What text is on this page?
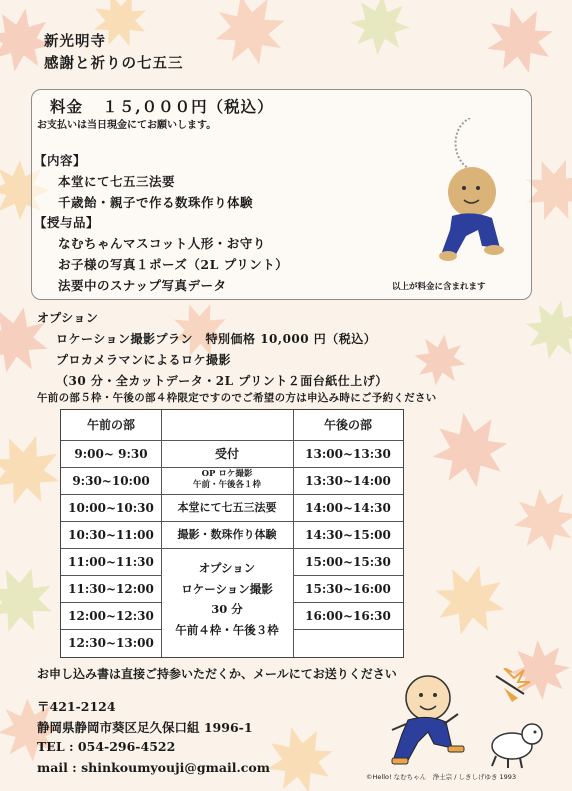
新光明寺
感謝と祈りの七五三
料金 １５,０００円（税込）
お支払いは当日現金にてお願いします。
【内容】
本堂にて七五三法要
千歳飴・親子で作る数珠作り体験
【授与品】
なむちゃんマスコット人形・お守り
お子様の写真１ポーズ（2L プリント）
法要中のスナップ写真データ	以上が料金に含まれます
オプション
ロケーション撮影プラン　特別価格 10,000 円（税込）
プロカメラマンによるロケ撮影
（30 分・全カットデータ・2L プリント２面台紙仕上げ）
午前の部５枠・午後の部４枠限定ですのでご希望の方は申込み時にご予約ください
午前の部	午後の部
9:00~ 9:30
9:30~10:00
10:00~10:30
10:30~11:00
11:00~11:30
11:30~12:00
12:00~12:30
12:30~13:00
受付
OP ロケ撮影
午前・午後各１枠
本堂にて七五三法要
撮影・数珠作り体験
オプション
ロケーション撮影
30 分
午前４枠・午後３枠
13:00~13:30
13:30~14:00
14:00~14:30
14:30~15:00
15:00~15:30
15:30~16:00
16:00~16:30
お申し込み書は直接ご持参いただくか、メールにてお送りください
〒421-2124
静岡県静岡市葵区足久保口組 1996-1
TEL : 054-296-4522
mail : shinkoumyouji@gmail.com
©Hello! なむちゃん　浄土宗 / しきしげゆき 1993
